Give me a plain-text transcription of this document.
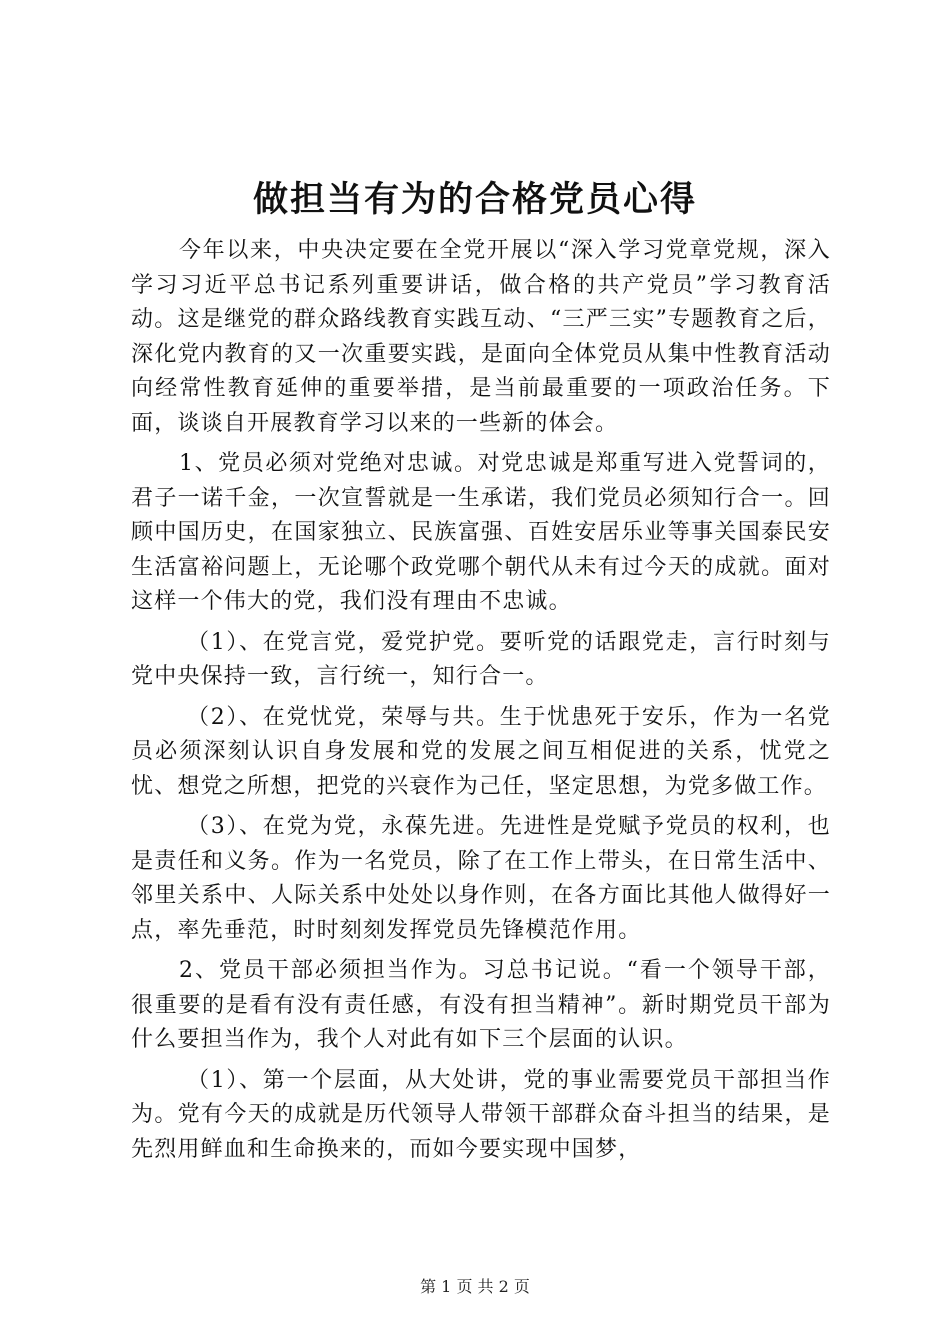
做担当有为的合格党员心得

今年以来，中央决定要在全党开展以“深入学习党章党规，深入学习习近平总书记系列重要讲话，做合格的共产党员”学习教育活动。这是继党的群众路线教育实践互动、“三严三实”专题教育之后，深化党内教育的又一次重要实践，是面向全体党员从集中性教育活动向经常性教育延伸的重要举措，是当前最重要的一项政治任务。下面，谈谈自开展教育学习以来的一些新的体会。

1、党员必须对党绝对忠诚。对党忠诚是郑重写进入党誓词的，君子一诺千金，一次宣誓就是一生承诺，我们党员必须知行合一。回顾中国历史，在国家独立、民族富强、百姓安居乐业等事关国泰民安生活富裕问题上，无论哪个政党哪个朝代从未有过今天的成就。面对这样一个伟大的党，我们没有理由不忠诚。

（1）、在党言党，爱党护党。要听党的话跟党走，言行时刻与党中央保持一致，言行统一，知行合一。

（2）、在党忧党，荣辱与共。生于忧患死于安乐，作为一名党员必须深刻认识自身发展和党的发展之间互相促进的关系，忧党之忧、想党之所想，把党的兴衰作为己任，坚定思想，为党多做工作。

（3）、在党为党，永葆先进。先进性是党赋予党员的权利，也是责任和义务。作为一名党员，除了在工作上带头，在日常生活中、邻里关系中、人际关系中处处以身作则，在各方面比其他人做得好一点，率先垂范，时时刻刻发挥党员先锋模范作用。

2、党员干部必须担当作为。习总书记说。“看一个领导干部，很重要的是看有没有责任感，有没有担当精神”。新时期党员干部为什么要担当作为，我个人对此有如下三个层面的认识。

（1）、第一个层面，从大处讲，党的事业需要党员干部担当作为。党有今天的成就是历代领导人带领干部群众奋斗担当的结果，是先烈用鲜血和生命换来的，而如今要实现中国梦，

第 1 页 共 2 页
